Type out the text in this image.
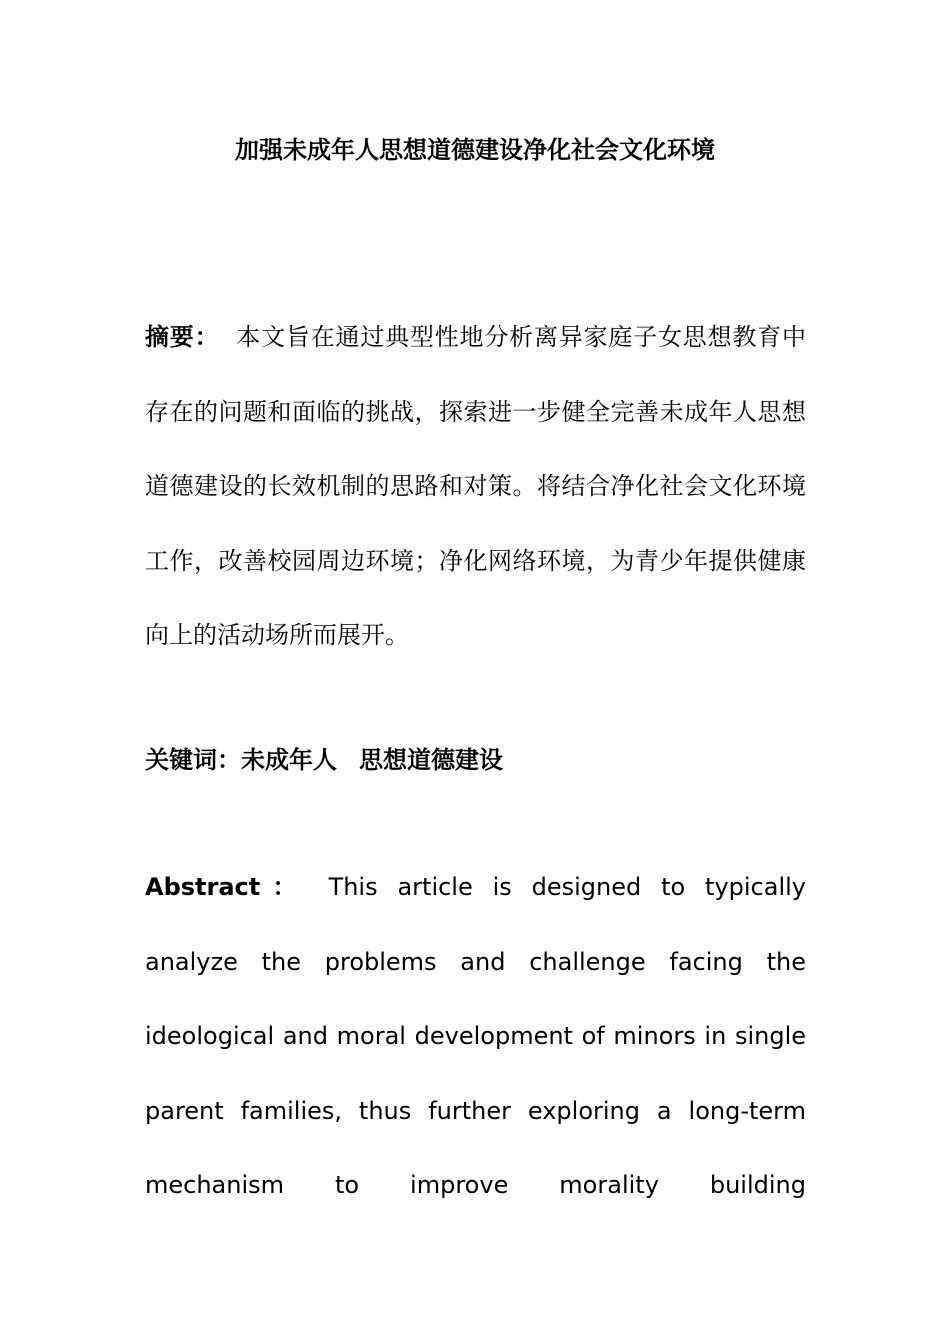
加强未成年人思想道德建设净化社会文化环境

摘要： 本文旨在通过典型性地分析离异家庭子女思想教育中存在的问题和面临的挑战，探索进一步健全完善未成年人思想道德建设的长效机制的思路和对策。将结合净化社会文化环境工作，改善校园周边环境；净化网络环境，为青少年提供健康向上的活动场所而展开。

关键词：未成年人 思想道德建设

Abstract： This article is designed to typically analyze the problems and challenge facing the ideological and moral development of minors in single parent families, thus further exploring a long-term mechanism to improve morality building
